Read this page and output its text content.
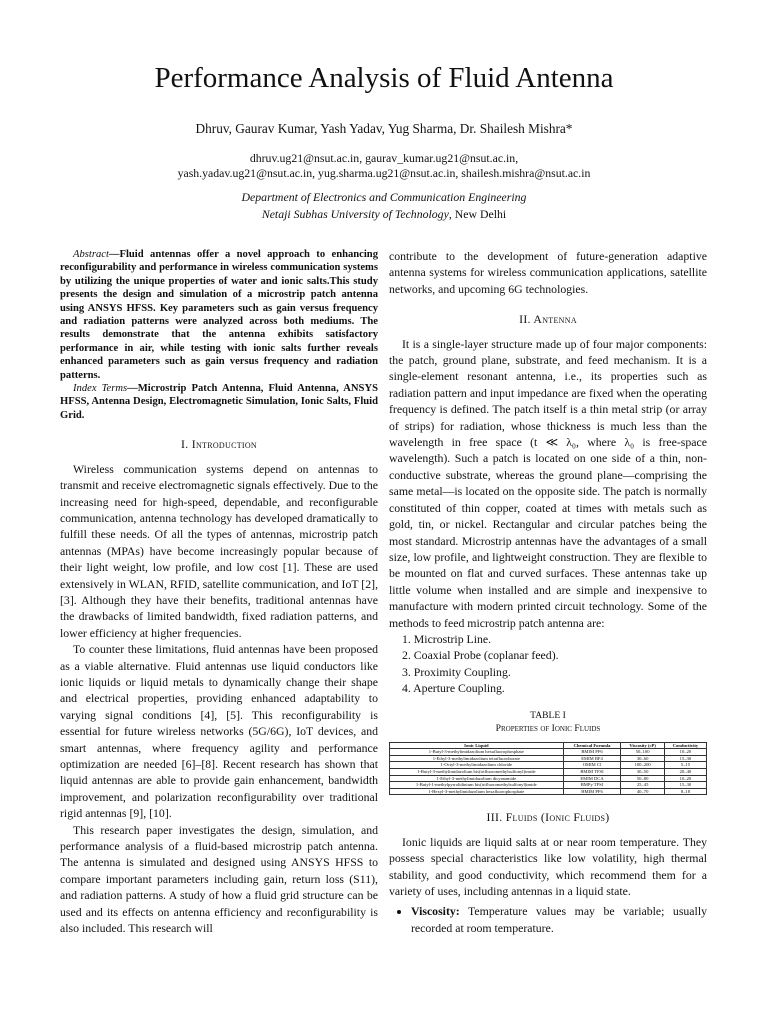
Performance Analysis of Fluid Antenna
Dhruv, Gaurav Kumar, Yash Yadav, Yug Sharma, Dr. Shailesh Mishra*
dhruv.ug21@nsut.ac.in, gaurav_kumar.ug21@nsut.ac.in,
yash.yadav.ug21@nsut.ac.in, yug.sharma.ug21@nsut.ac.in, shailesh.mishra@nsut.ac.in
Department of Electronics and Communication Engineering
Netaji Subhas University of Technology, New Delhi

Abstract—Fluid antennas offer a novel approach to enhancing reconfigurability and performance in wireless communication systems by utilizing the unique properties of water and ionic salts.This study presents the design and simulation of a microstrip patch antenna using ANSYS HFSS. Key parameters such as gain versus frequency and radiation patterns were analyzed across both mediums. The results demonstrate that the antenna exhibits satisfactory performance in air, while testing with ionic salts further reveals enhanced parameters such as gain versus frequency and radiation patterns.

Index Terms—Microstrip Patch Antenna, Fluid Antenna, ANSYS HFSS, Antenna Design, Electromagnetic Simulation, Ionic Salts, Fluid Grid.

I. Introduction

Wireless communication systems depend on antennas to transmit and receive electromagnetic signals effectively. Due to the increasing need for high-speed, dependable, and reconfigurable communication, antenna technology has developed dramatically to fulfill these needs. Of all the types of antennas, microstrip patch antennas (MPAs) have become increasingly popular because of their light weight, low profile, and low cost [1]. These are used extensively in WLAN, RFID, satellite communication, and IoT [2], [3]. Although they have their benefits, traditional antennas have the drawbacks of limited bandwidth, fixed radiation patterns, and lower efficiency at higher frequencies.

To counter these limitations, fluid antennas have been proposed as a viable alternative. Fluid antennas use liquid conductors like ionic liquids or liquid metals to dynamically change their shape and electrical properties, providing enhanced adaptability to varying signal conditions [4], [5]. This reconfigurability is essential for future wireless networks (5G/6G), IoT devices, and smart antennas, where frequency agility and performance optimization are needed [6]–[8]. Recent research has shown that liquid antennas are able to provide gain enhancement, bandwidth improvement, and polarization reconfigurability over traditional rigid antennas [9], [10].

This research paper investigates the design, simulation, and performance analysis of a fluid-based microstrip patch antenna. The antenna is simulated and designed using ANSYS HFSS to compare important parameters including gain, return loss (S11), and radiation patterns. A study of how a fluid grid structure can be used and its effects on antenna efficiency and reconfigurability is also included. This research will

contribute to the development of future-generation adaptive antenna systems for wireless communication applications, satellite networks, and upcoming 6G technologies.

II. Antenna

It is a single-layer structure made up of four major components: the patch, ground plane, substrate, and feed mechanism. It is a single-element resonant antenna, i.e., its properties such as radiation pattern and input impedance are fixed when the operating frequency is defined. The patch itself is a thin metal strip (or array of strips) for radiation, whose thickness is much less than the wavelength in free space (t ≪ λ₀, where λ₀ is free-space wavelength). Such a patch is located on one side of a thin, non-conductive substrate, whereas the ground plane—comprising the same metal—is located on the opposite side. The patch is normally constituted of thin copper, coated at times with metals such as gold, tin, or nickel. Rectangular and circular patches being the most standard. Microstrip antennas have the advantages of a small size, low profile, and lightweight construction. They are flexible to be mounted on flat and curved surfaces. These antennas take up little volume when installed and are simple and inexpensive to manufacture with modern printed circuit technology. Some of the methods to feed microstrip patch antenna are:

1. Microstrip Line.

2. Coaxial Probe (coplanar feed).

3. Proximity Coupling.

4. Aperture Coupling.

TABLE I
Properties of Ionic Fluids
Ionic Liquid	Chemical Formula	Viscosity (cP)	Conductivity
1-Butyl-3-methylimidazolium hexafluorophosphate	BMIM PF6	50–100	10–20
1-Ethyl-3-methylimidazolium tetrafluoroborate	EMIM BF4	30–60	15–30
1-Octyl-3-methylimidazolium chloride	OMIM Cl	100–200	5–15
1-Butyl-3-methylimidazolium bis(trifluoromethylsulfonyl)imide	BMIM TFSI	30–50	20–40
1-Ethyl-3-methylimidazolium dicyanamide	EMIM DCA	50–80	10–20
1-Butyl-1-methylpyrrolidinium bis(trifluoromethylsulfonyl)imide	BMPy TFSI	25–45	15–30
1-Hexyl-3-methylimidazolium hexafluorophosphate	HMIM PF6	40–70	8–18
III. Fluids (Ionic Fluids)

Ionic liquids are liquid salts at or near room temperature. They possess special characteristics like low volatility, high thermal stability, and good conductivity, which recommend them for a variety of uses, including antennas in a liquid state.

• Viscosity: Temperature values may be variable; usually recorded at room temperature.
